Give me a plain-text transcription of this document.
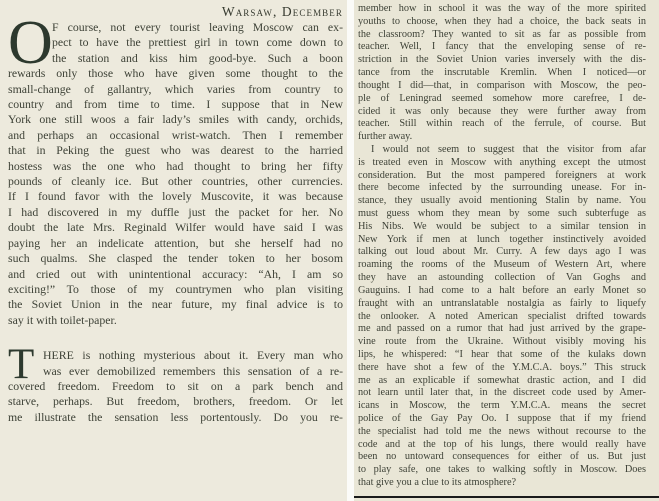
Warsaw, December
O F course, not every tourist leaving Moscow can ex-
pect to have the prettiest girl in town come down to
the station and kiss him good-bye. Such a boon
rewards only those who have given some thought to the
small-change of gallantry, which varies from country to
country and from time to time. I suppose that in New
York one still woos a fair lady’s smiles with candy, orchids,
and perhaps an occasional wrist-watch. Then I remember
that in Peking the guest who was dearest to the harried
hostess was the one who had thought to bring her fifty
pounds of cleanly ice. But other countries, other currencies.
If I found favor with the lovely Muscovite, it was because
I had discovered in my duffle just the packet for her. No
doubt the late Mrs. Reginald Wilfer would have said I was
paying her an indelicate attention, but she herself had no
such qualms. She clasped the tender token to her bosom
and cried out with unintentional accuracy: “Ah, I am so
exciting!” To those of my countrymen who plan visiting
the Soviet Union in the near future, my final advice is to
say it with toilet-paper.
T HERE is nothing mysterious about it. Every man who
was ever demobilized remembers this sensation of a re-
covered freedom. Freedom to sit on a park bench and
starve, perhaps. But freedom, brothers, freedom. Or let
me illustrate the sensation less portentously. Do you re-
member how in school it was the way of the more spirited
youths to choose, when they had a choice, the back seats in
the classroom? They wanted to sit as far as possible from
teacher. Well, I fancy that the enveloping sense of re-
striction in the Soviet Union varies inversely with the dis-
tance from the inscrutable Kremlin. When I noticed—or
thought I did—that, in comparison with Moscow, the peo-
ple of Leningrad seemed somehow more carefree, I de-
cided it was only because they were further away from
teacher. Still within reach of the ferrule, of course. But
further away.
I would not seem to suggest that the visitor from afar
is treated even in Moscow with anything except the utmost
consideration. But the most pampered foreigners at work
there become infected by the surrounding unease. For in-
stance, they usually avoid mentioning Stalin by name. You
must guess whom they mean by some such subterfuge as
His Nibs. We would be subject to a similar tension in
New York if men at lunch together instinctively avoided
talking out loud about Mr. Curry. A few days ago I was
roaming the rooms of the Museum of Western Art, where
they have an astounding collection of Van Goghs and
Gauguins. I had come to a halt before an early Monet so
fraught with an untranslatable nostalgia as fairly to liquefy
the onlooker. A noted American specialist drifted towards
me and passed on a rumor that had just arrived by the grape-
vine route from the Ukraine. Without visibly moving his
lips, he whispered: “I hear that some of the kulaks down
there have shot a few of the Y.M.C.A. boys.” This struck
me as an explicable if somewhat drastic action, and I did
not learn until later that, in the discreet code used by Amer-
icans in Moscow, the term Y.M.C.A. means the secret
police of the Gay Pay Oo. I suppose that if my friend
the specialist had told me the news without recourse to the
code and at the top of his lungs, there would really have
been no untoward consequences for either of us. But just
to play safe, one takes to walking softly in Moscow. Does
that give you a clue to its atmosphere?
